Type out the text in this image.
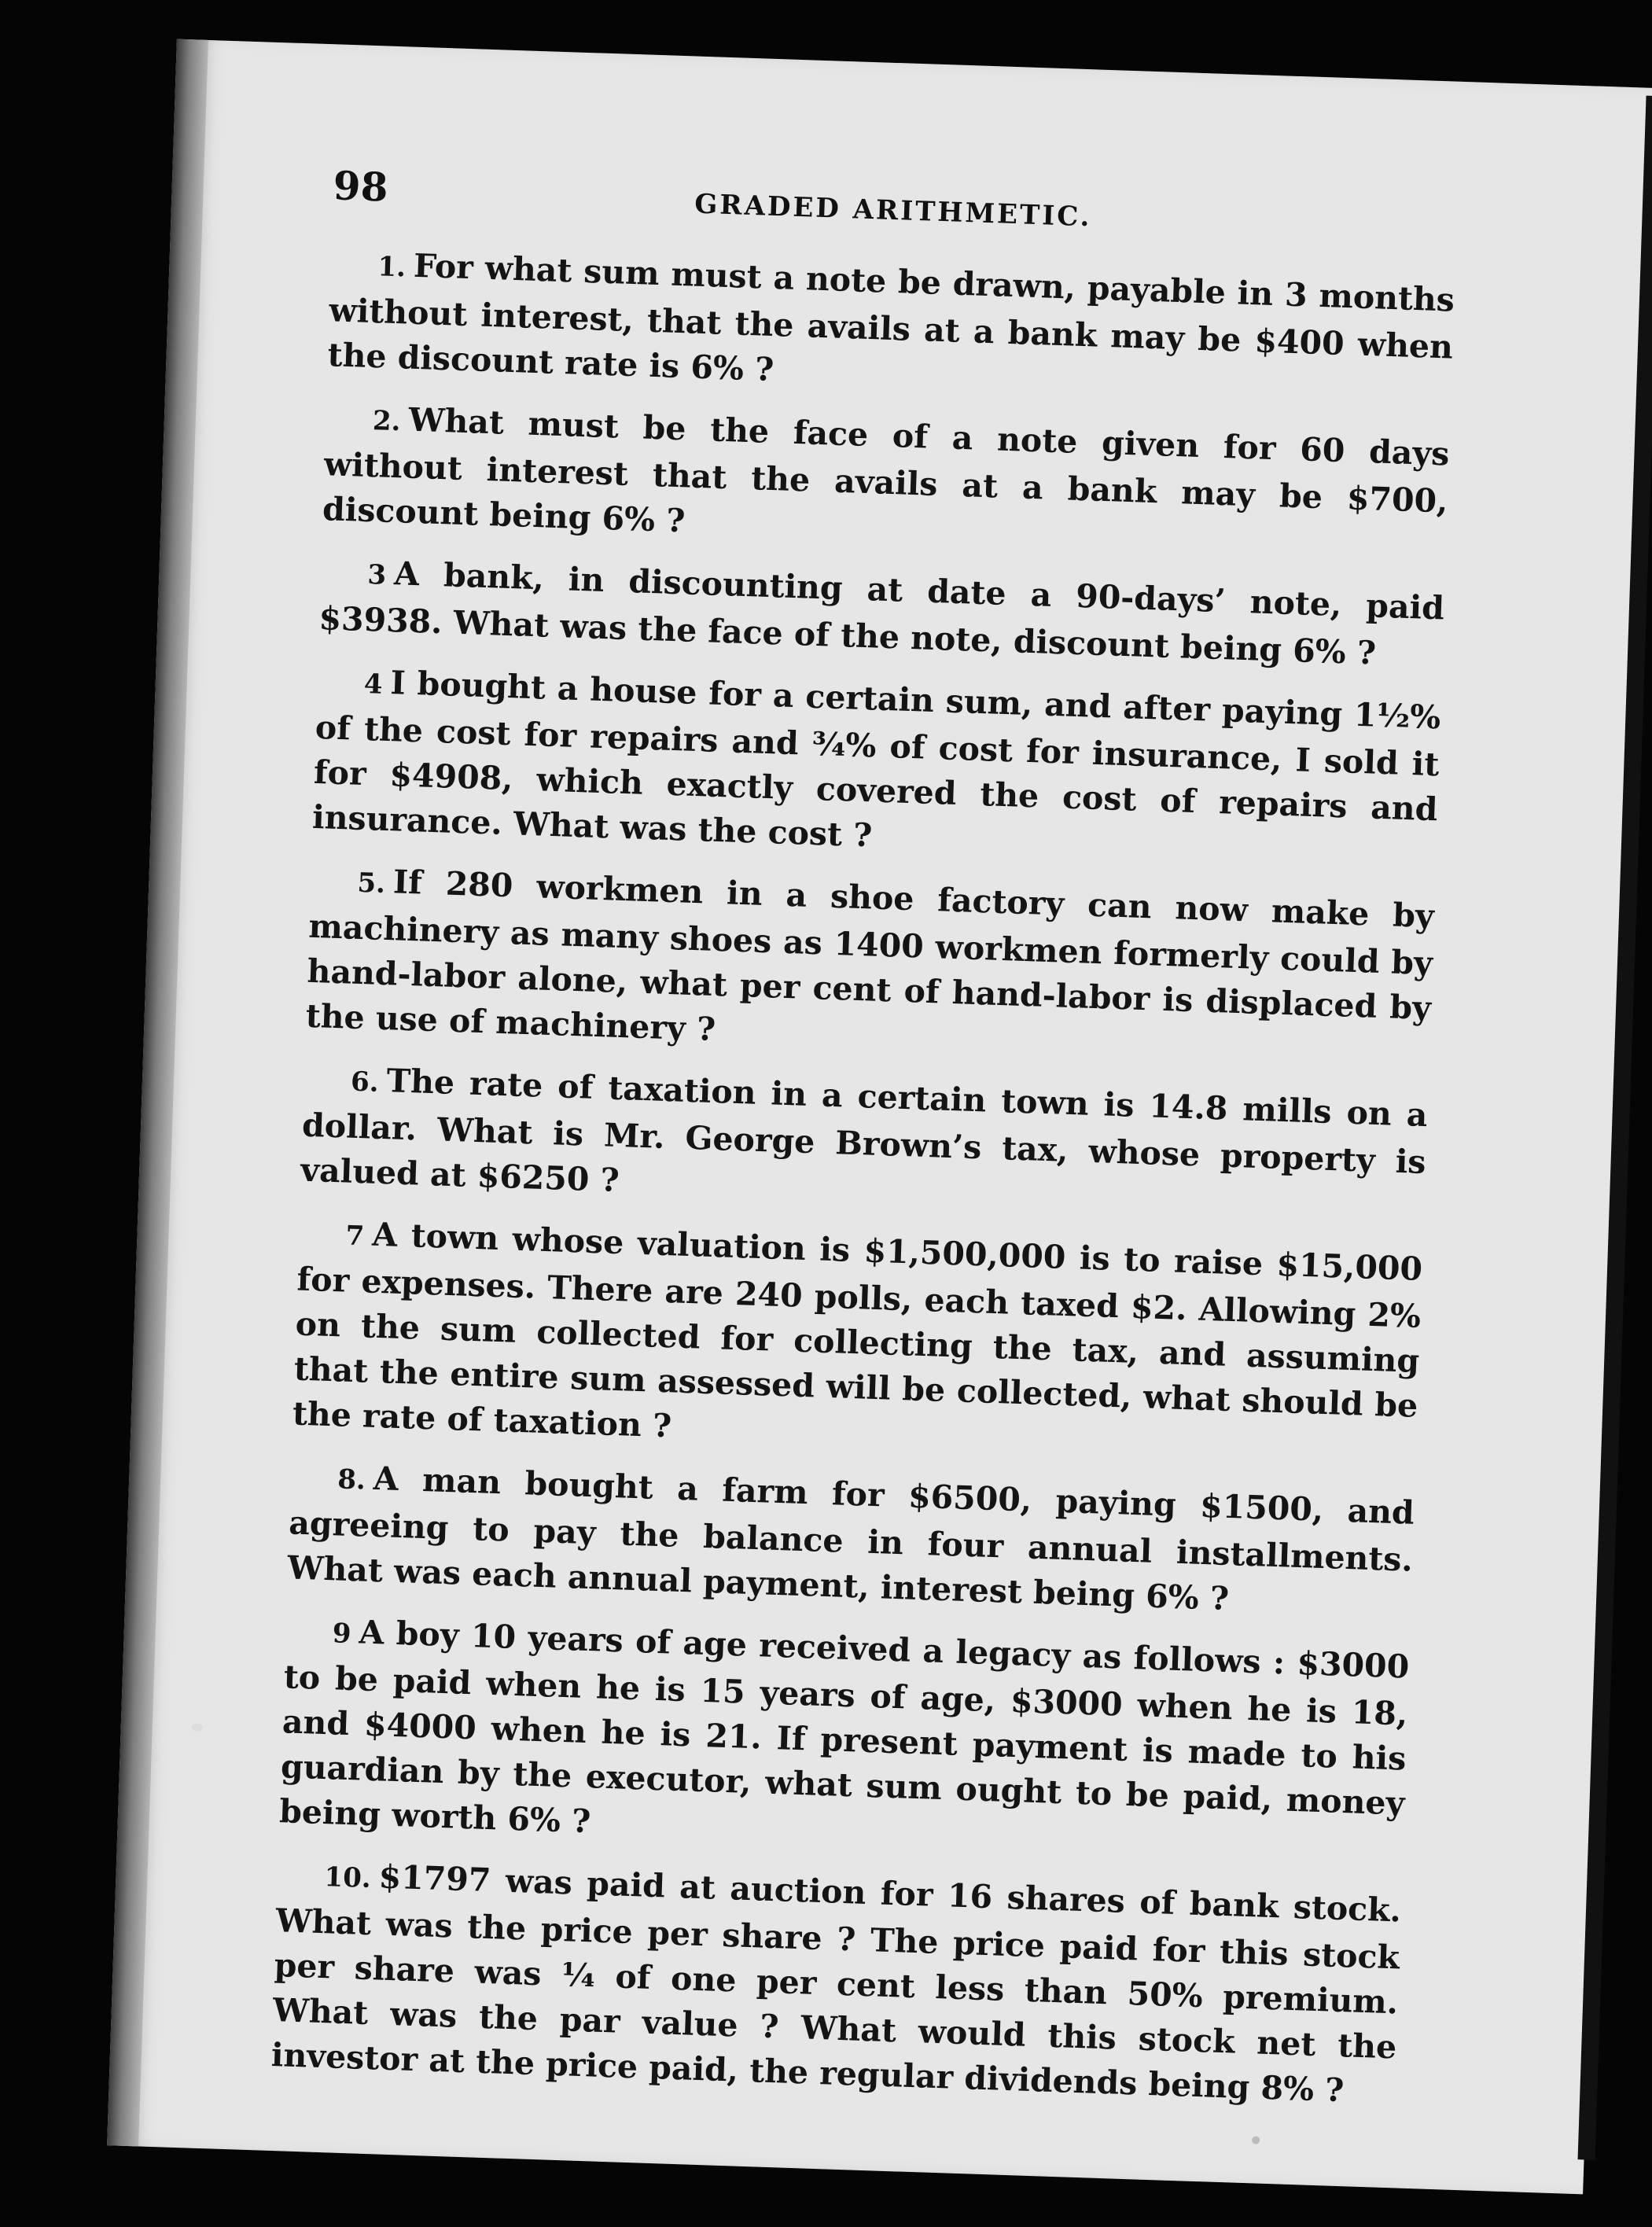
98
GRADED ARITHMETIC.

1. For what sum must a note be drawn, payable in 3 months without interest, that the avails at a bank may be $400 when the discount rate is 6% ?

2. What must be the face of a note given for 60 days without interest that the avails at a bank may be $700, discount being 6% ?

3 A bank, in discounting at date a 90-days’ note, paid $3938. What was the face of the note, discount being 6% ?

4 I bought a house for a certain sum, and after paying 1½% of the cost for repairs and ¾% of cost for insurance, I sold it for $4908, which exactly covered the cost of repairs and insurance. What was the cost ?

5. If 280 workmen in a shoe factory can now make by machinery as many shoes as 1400 workmen formerly could by hand-labor alone, what per cent of hand-labor is displaced by the use of machinery ?

6. The rate of taxation in a certain town is 14.8 mills on a dollar. What is Mr. George Brown’s tax, whose property is valued at $6250 ?

7 A town whose valuation is $1,500,000 is to raise $15,000 for expenses. There are 240 polls, each taxed $2. Allowing 2% on the sum collected for collecting the tax, and assuming that the entire sum assessed will be collected, what should be the rate of taxation ?

8. A man bought a farm for $6500, paying $1500, and agreeing to pay the balance in four annual installments. What was each annual payment, interest being 6% ?

9 A boy 10 years of age received a legacy as follows : $3000 to be paid when he is 15 years of age, $3000 when he is 18, and $4000 when he is 21. If present payment is made to his guardian by the executor, what sum ought to be paid, money being worth 6% ?

10. $1797 was paid at auction for 16 shares of bank stock. What was the price per share ? The price paid for this stock per share was ¼ of one per cent less than 50% premium. What was the par value ? What would this stock net the investor at the price paid, the regular dividends being 8% ?
